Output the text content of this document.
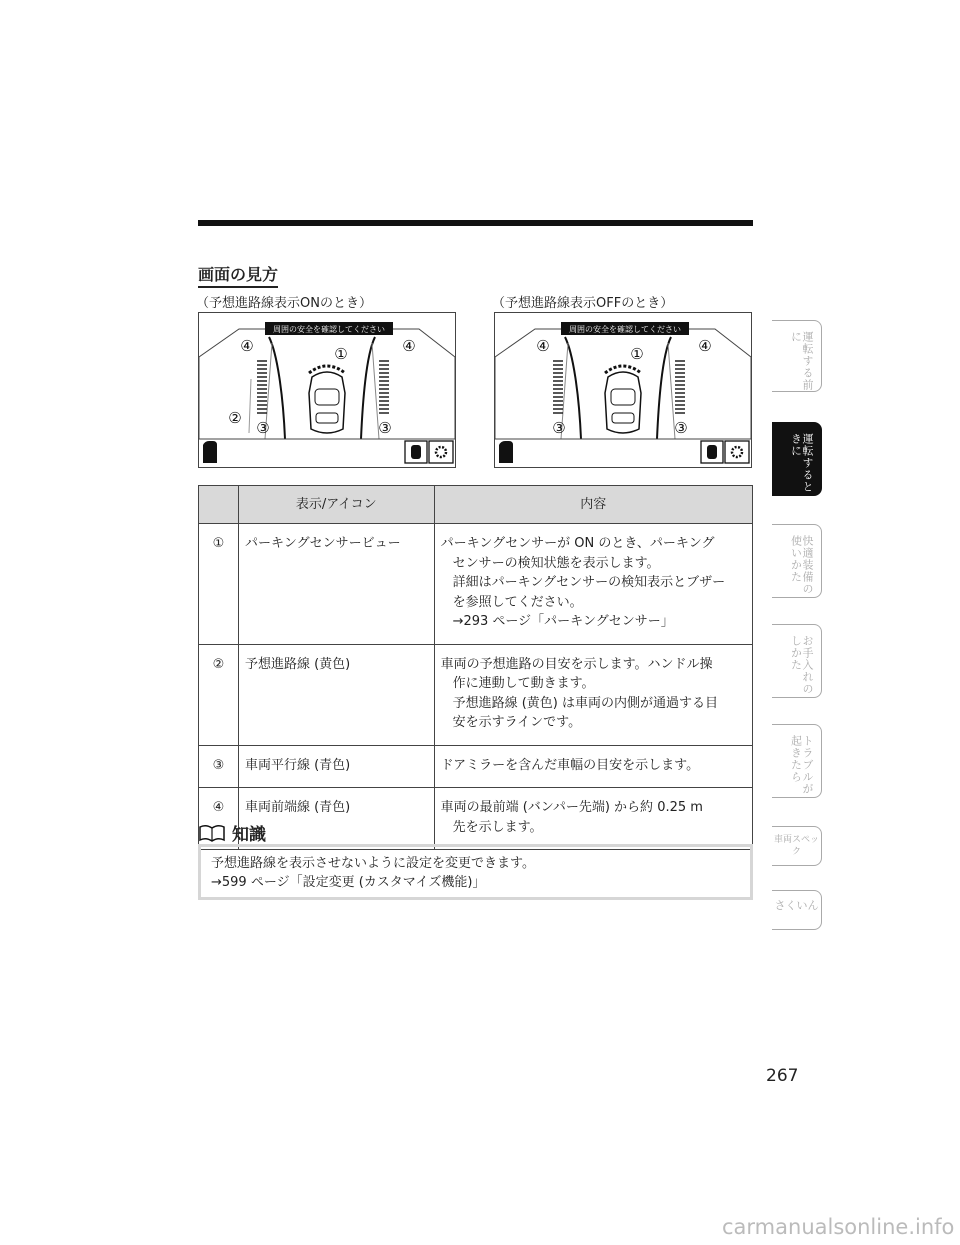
画面の見方
（予想進路線表示ONのとき）	（予想進路線表示OFFのとき）
周囲の安全を確認してください
①
②
④	④
③	③
周囲の安全を確認してください
①
④	④
③	③
	表示/アイコン	内容
①	パーキングセンサービュー	パーキングセンサーが ON のとき、パーキング
センサーの検知状態を表示します。
詳細はパーキングセンサーの検知表示とブザー
を参照してください。
→293 ページ「パーキングセンサー」

②	予想進路線 (黄色)	車両の予想進路の目安を示します。ハンドル操
作に連動して動きます。
予想進路線 (黄色) は車両の内側が通過する目
安を示すラインです。

③	車両平行線 (青色)	ドアミラーを含んだ車幅の目安を示します。

④	車両前端線 (青色)	車両の最前端 (バンパー先端) から約 0.25 m
先を示します。
知識
予想進路線を表示させないように設定を変更できます。
→599 ページ「設定変更 (カスタマイズ機能)」
運転する前に
運転するときに
快適装備の使いかた
お手入れのしかた
トラブルが起きたら
車両スペック
さくいん
267
carmanualsonline.info
